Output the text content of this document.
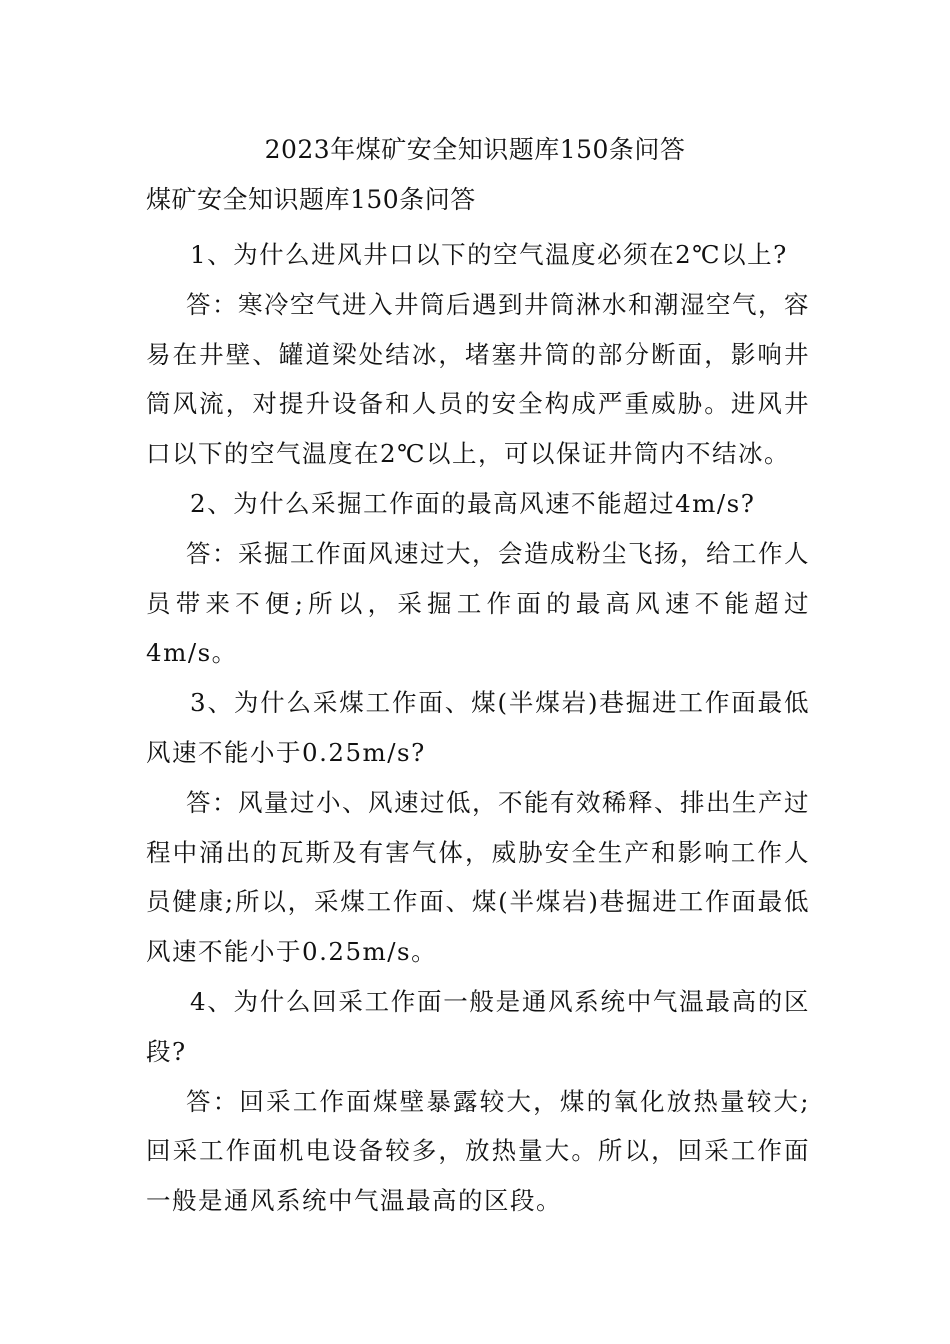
2023年煤矿安全知识题库150条问答
煤矿安全知识题库150条问答

1、为什么进风井口以下的空气温度必须在2℃以上?

答：寒冷空气进入井筒后遇到井筒淋水和潮湿空气，容易在井壁、罐道梁处结冰，堵塞井筒的部分断面，影响井筒风流，对提升设备和人员的安全构成严重威胁。进风井口以下的空气温度在2℃以上，可以保证井筒内不结冰。

2、为什么采掘工作面的最高风速不能超过4m/s?

答：采掘工作面风速过大，会造成粉尘飞扬，给工作人员带来不便;所以，采掘工作面的最高风速不能超过4m/s。

3、为什么采煤工作面、煤(半煤岩)巷掘进工作面最低风速不能小于0.25m/s?

答：风量过小、风速过低，不能有效稀释、排出生产过程中涌出的瓦斯及有害气体，威胁安全生产和影响工作人员健康;所以，采煤工作面、煤(半煤岩)巷掘进工作面最低风速不能小于0.25m/s。

4、为什么回采工作面一般是通风系统中气温最高的区段?

答：回采工作面煤壁暴露较大，煤的氧化放热量较大;回采工作面机电设备较多，放热量大。所以，回采工作面一般是通风系统中气温最高的区段。
